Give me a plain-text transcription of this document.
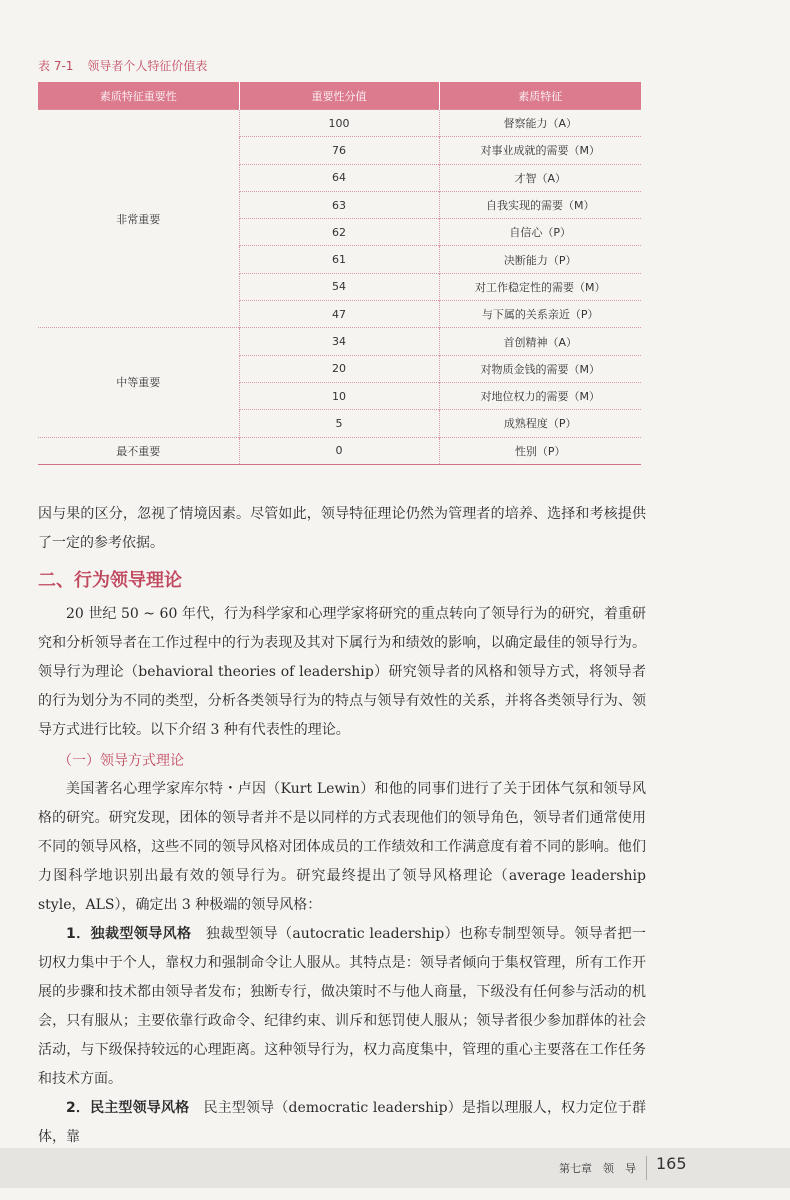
表 7-1 领导者个人特征价值表
素质特征重要性	重要性分值	素质特征
非常重要	100	督察能力（A）
	76	对事业成就的需要（M）
	64	才智（A）
	63	自我实现的需要（M）
	62	自信心（P）
	61	决断能力（P）
	54	对工作稳定性的需要（M）
	47	与下属的关系亲近（P）
中等重要	34	首创精神（A）
	20	对物质金钱的需要（M）
	10	对地位权力的需要（M）
	5	成熟程度（P）
最不重要	0	性别（P）

因与果的区分，忽视了情境因素。尽管如此，领导特征理论仍然为管理者的培养、选择和考核提供了一定的参考依据。

二、行为领导理论

20 世纪 50 ~ 60 年代，行为科学家和心理学家将研究的重点转向了领导行为的研究，着重研究和分析领导者在工作过程中的行为表现及其对下属行为和绩效的影响，以确定最佳的领导行为。领导行为理论（behavioral theories of leadership）研究领导者的风格和领导方式，将领导者的行为划分为不同的类型，分析各类领导行为的特点与领导有效性的关系，并将各类领导行为、领导方式进行比较。以下介绍 3 种有代表性的理论。

（一）领导方式理论

美国著名心理学家库尔特・卢因（Kurt Lewin）和他的同事们进行了关于团体气氛和领导风格的研究。研究发现，团体的领导者并不是以同样的方式表现他们的领导角色，领导者们通常使用不同的领导风格，这些不同的领导风格对团体成员的工作绩效和工作满意度有着不同的影响。他们力图科学地识别出最有效的领导行为。研究最终提出了领导风格理论（average leadership style，ALS），确定出 3 种极端的领导风格：

1．独裁型领导风格　 独裁型领导（autocratic leadership）也称专制型领导。领导者把一切权力集中于个人，靠权力和强制命令让人服从。其特点是：领导者倾向于集权管理，所有工作开展的步骤和技术都由领导者发布；独断专行，做决策时不与他人商量，下级没有任何参与活动的机会，只有服从；主要依靠行政命令、纪律约束、训斥和惩罚使人服从；领导者很少参加群体的社会活动，与下级保持较远的心理距离。这种领导行为，权力高度集中，管理的重心主要落在工作任务和技术方面。

2．民主型领导风格　 民主型领导（democratic leadership）是指以理服人，权力定位于群体，靠

第七章　领　导 165
